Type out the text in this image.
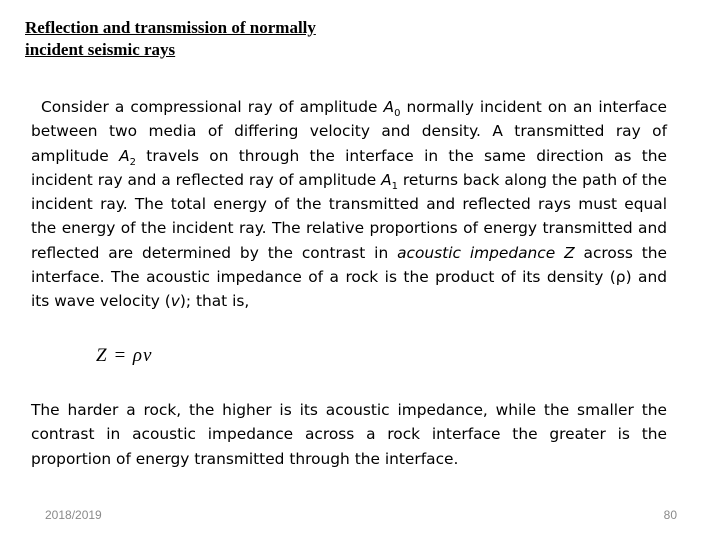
Reflection and transmission of normally
incident seismic rays

Consider a compressional ray of amplitude $A_0$ normally incident on an interface between two media of differing velocity and density. A transmitted ray of amplitude $A_2$ travels on through the interface in the same direction as the incident ray and a reflected ray of amplitude $A_1$ returns back along the path of the incident ray. The total energy of the transmitted and reflected rays must equal the energy of the incident ray. The relative proportions of energy transmitted and reflected are determined by the contrast in acoustic impedance Z across the interface. The acoustic impedance of a rock is the product of its density (ρ) and its wave velocity (v); that is,

Z = ρv

The harder a rock, the higher is its acoustic impedance, while the smaller the contrast in acoustic impedance across a rock interface the greater is the proportion of energy transmitted through the interface.

2018/2019	80
